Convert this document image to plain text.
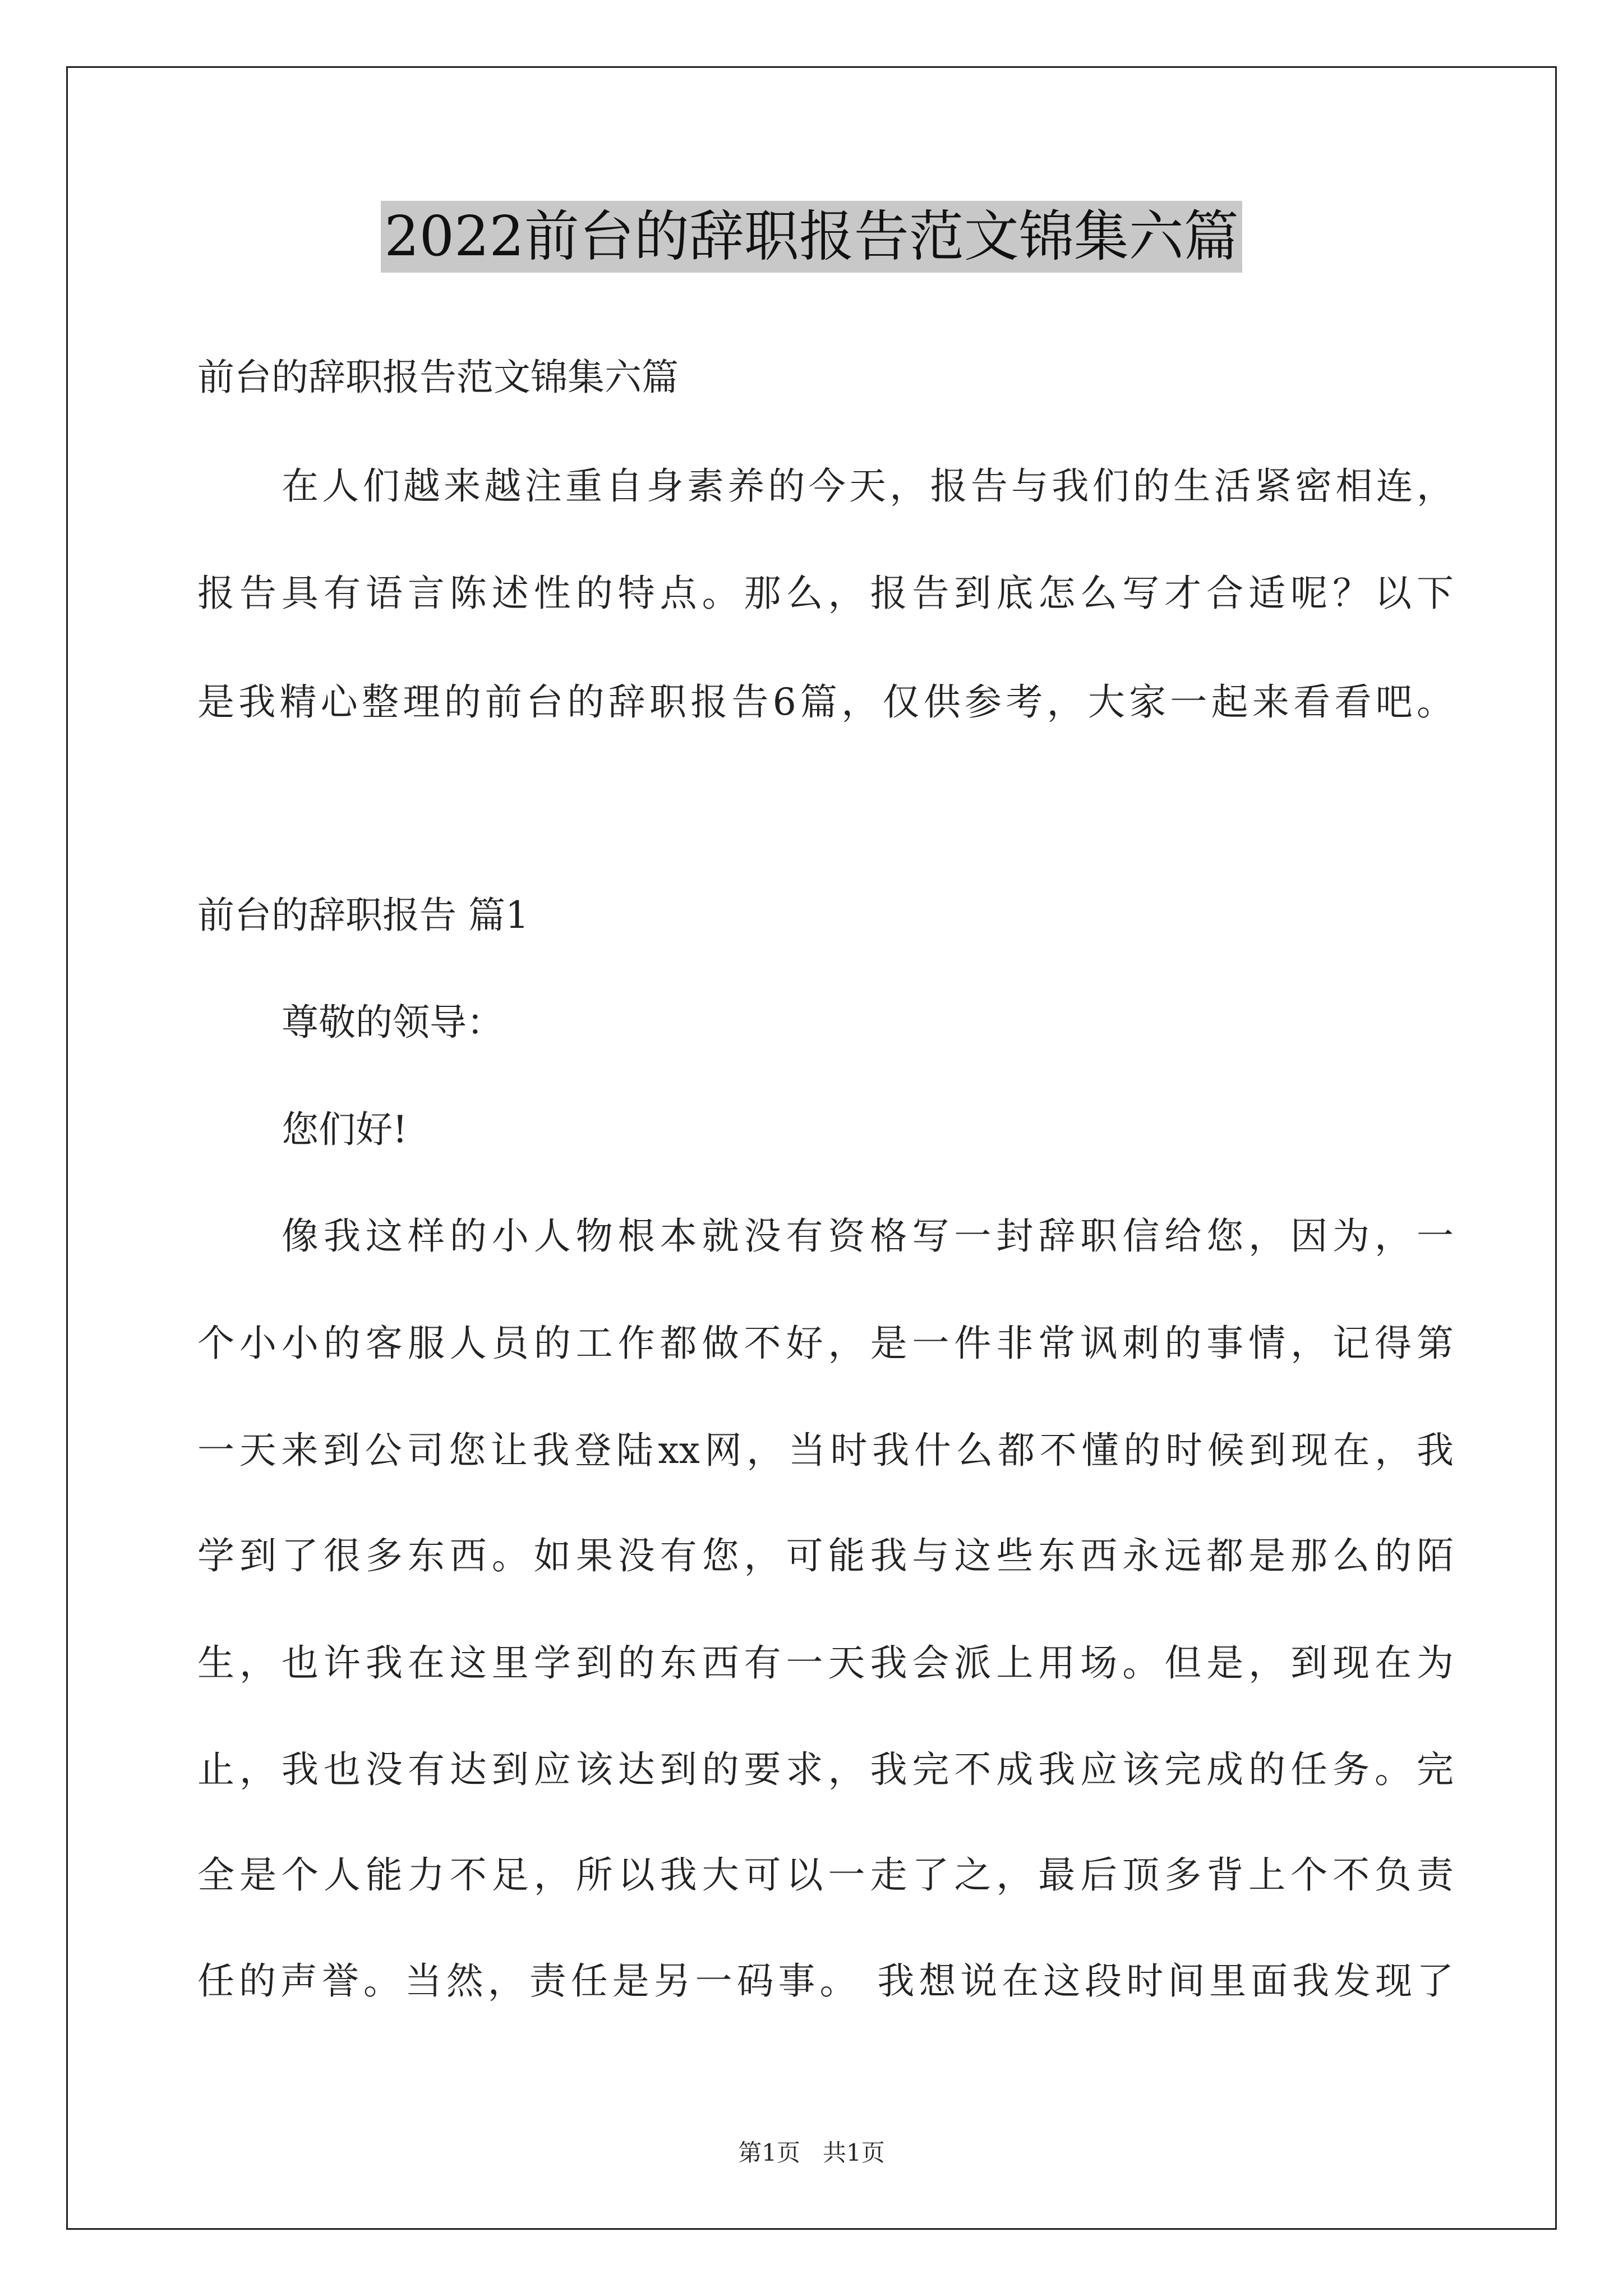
2022前台的辞职报告范文锦集六篇
前台的辞职报告范文锦集六篇
在人们越来越注重自身素养的今天，报告与我们的生活紧密相连，
报告具有语言陈述性的特点。那么，报告到底怎么写才合适呢？以下
是我精心整理的前台的辞职报告6篇，仅供参考，大家一起来看看吧。
前台的辞职报告 篇1
尊敬的领导：
您们好!
像我这样的小人物根本就没有资格写一封辞职信给您，因为，一
个小小的客服人员的工作都做不好，是一件非常讽刺的事情，记得第
一天来到公司您让我登陆xx网，当时我什么都不懂的时候到现在，我
学到了很多东西。如果没有您，可能我与这些东西永远都是那么的陌
生，也许我在这里学到的东西有一天我会派上用场。但是，到现在为
止，我也没有达到应该达到的要求，我完不成我应该完成的任务。完
全是个人能力不足，所以我大可以一走了之，最后顶多背上个不负责
任的声誉。当然，责任是另一码事。 我想说在这段时间里面我发现了
第1页   共1页
